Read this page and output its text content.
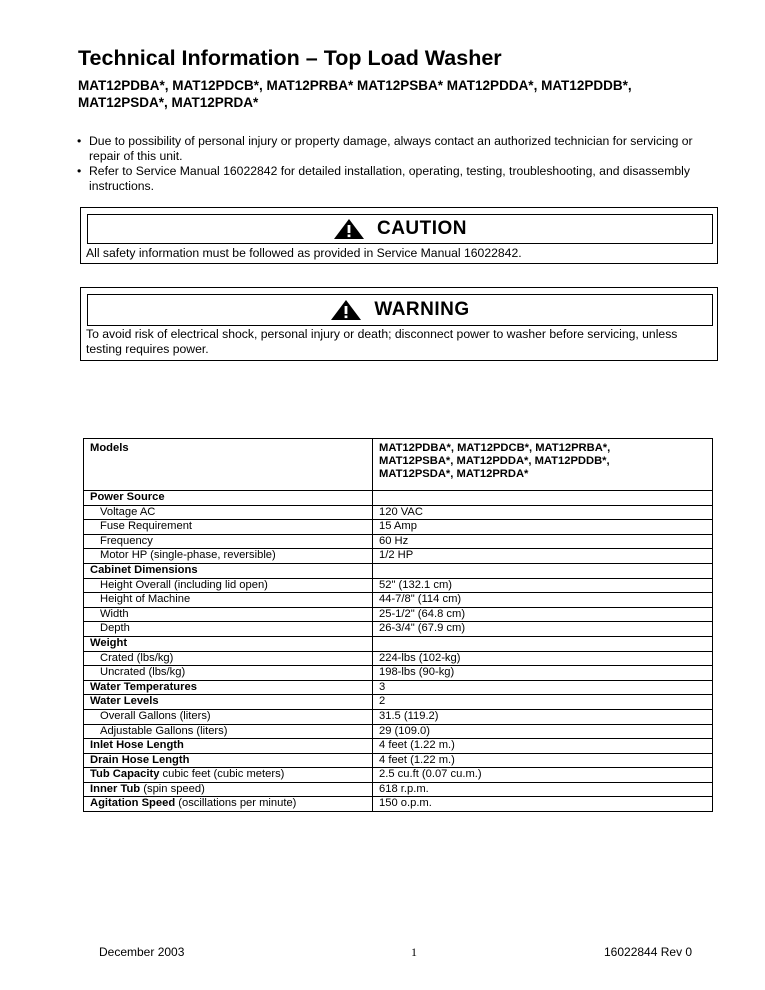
Technical Information – Top Load Washer
MAT12PDBA*, MAT12PDCB*, MAT12PRBA* MAT12PSBA* MAT12PDDA*, MAT12PDDB*,
MAT12PSDA*, MAT12PRDA*
• Due to possibility of personal injury or property damage, always contact an authorized technician for servicing or repair of this unit.
• Refer to Service Manual 16022842 for detailed installation, operating, testing, troubleshooting, and disassembly instructions.
CAUTION
All safety information must be followed as provided in Service Manual 16022842.
WARNING
To avoid risk of electrical shock, personal injury or death; disconnect power to washer before servicing, unless testing requires power.
Models	MAT12PDBA*, MAT12PDCB*, MAT12PRBA*,
MAT12PSBA*, MAT12PDDA*, MAT12PDDB*,
MAT12PSDA*, MAT12PRDA*

Power Source	
Voltage AC	120 VAC
Fuse Requirement	15 Amp
Frequency	60 Hz
Motor HP (single-phase, reversible)	1/2 HP
Cabinet Dimensions	
Height Overall (including lid open)	52" (132.1 cm)
Height of Machine	44-7/8" (114 cm)
Width	25-1/2" (64.8 cm)
Depth	26-3/4" (67.9 cm)
Weight	
Crated (lbs/kg)	224-lbs (102-kg)
Uncrated (lbs/kg)	198-lbs (90-kg)
Water Temperatures	3
Water Levels	2
Overall Gallons (liters)	31.5 (119.2)
Adjustable Gallons (liters)	29 (109.0)
Inlet Hose Length	4 feet (1.22 m.)
Drain Hose Length	4 feet (1.22 m.)
Tub Capacity cubic feet (cubic meters)	2.5 cu.ft (0.07 cu.m.)
Inner Tub (spin speed)	618 r.p.m.
Agitation Speed (oscillations per minute)	150 o.p.m.
December 2003	1	16022844 Rev 0
